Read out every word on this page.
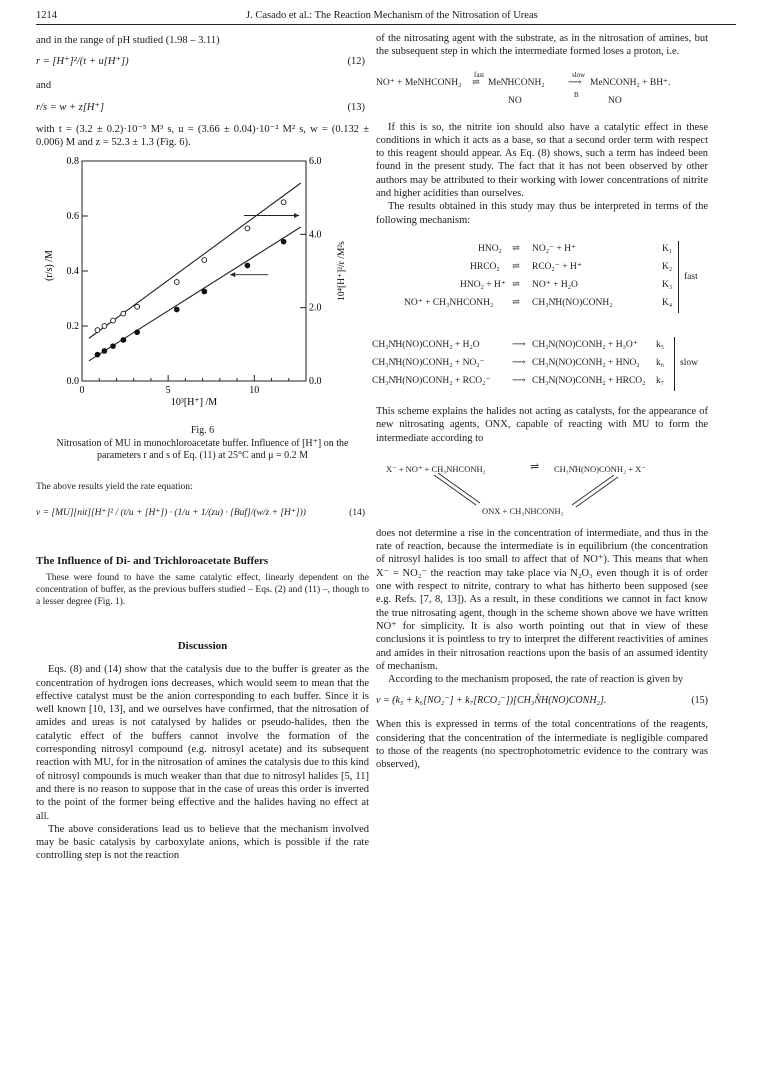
1214	J. Casado et al.: The Reaction Mechanism of the Nitrosation of Ureas

and in the range of pH studied (1.98 – 3.11)

r = [H⁺]²/(t + u[H⁺])	(12)

and

r/s = w + z[H⁺]	(13)

with t = (3.2 ± 0.2)·10⁻⁵ M³ s, u = (3.66 ± 0.04)·10⁻² M² s, w = (0.132 ± 0.006) M and z = 52.3 ± 1.3 (Fig. 6).

0	5	10
0.0
0.2
0.4
0.6
0.8
0.0
2.0
4.0
6.0
10³[H⁺] /M
(r/s) /M	10⁴[H⁺]²/r /M²s

Fig. 6

Nitrosation of MU in monochloroacetate buffer. Influence of [H⁺] on the parameters r and s of Eq. (11) at 25°C and μ = 0.2 M

The above results yield the rate equation:

v = [MU][nit][H⁺]² / (t/u + [H⁺]) · (1/u + 1/(zu) · [Buf]/(w/z + [H⁺]))	(14)
The Influence of Di- and Trichloroacetate Buffers

These were found to have the same catalytic effect, linearly dependent on the concentration of buffer, as the previous buffers studied – Eqs. (2) and (11) –, though to a lesser degree (Fig. 1).

Discussion

Eqs. (8) and (14) show that the catalysis due to the buffer is greater as the concentration of hydrogen ions decreases, which would seem to mean that the effective catalyst must be the anion corresponding to each buffer. Since it is well known [10, 13], and we ourselves have confirmed, that the nitrosation of amides and ureas is not catalysed by halides or pseudo-halides, then the catalytic effect of the buffers cannot involve the formation of the corresponding nitrosyl compound (e.g. nitrosyl acetate) and its subsequent reaction with MU, for in the nitrosation of amines the catalysis due to this kind of nitrosyl compounds is much weaker than that due to nitrosyl halides [5, 11] and there is no reason to suppose that in the case of ureas this order is inverted to the point of the former being effective and the halides having no effect at all.

The above considerations lead us to believe that the mechanism involved may be basic catalysis by carboxylate anions, which is possible if the rate controlling step is not the reaction

of the nitrosating agent with the substrate, as in the nitrosation of amines, but the subsequent step in which the intermediate formed loses a proton, i.e.

NO⁺ + MeNHCONH₂
fast
⇌ MeN̊HCONH₂
slow
⟶
B
MeNCONH₂ + BH⁺.
NO	NO

If this is so, the nitrite ion should also have a catalytic effect in these conditions in which it acts as a base, so that a second order term with respect to this reagent should appear. As Eq. (8) shows, such a term has indeed been found in the present study. The fact that it has not been observed by other authors may be attributed to their working with lower concentrations of nitrite and higher acidities than ourselves.

The results obtained in this study may thus be interpreted in terms of the following mechanism:

HNO₂ ⇌ NO₂⁻ + H⁺	K₁
HRCO₂ ⇌ RCO₂⁻ + H⁺	K₂
HNO₂ + H⁺ ⇌ NO⁺ + H₂O	K₃
NO⁺ + CH₃NHCONH₂ ⇌ CH₃N̊H(NO)CONH₂	K₄
fast
CH₃N̊H(NO)CONH₂ + H₂O	⟶ CH₃N(NO)CONH₂ + H₃O⁺ k₅
CH₃N̊H(NO)CONH₂ + NO₂⁻	⟶ CH₃N(NO)CONH₂ + HNO₂ k₆
CH₃N̊H(NO)CONH₂ + RCO₂⁻ ⟶ CH₃N(NO)CONH₂ + HRCO₂ k₇
slow

This scheme explains the halides not acting as catalysts, for the appearance of new nitrosating agents, ONX, capable of reacting with MU to form the intermediate according to

X⁻ + NO⁺ + CH₃NHCONH₂	⇌ CH₃N̊H(NO)CONH₂ + X⁻
ONX + CH₃NHCONH₂

does not determine a rise in the concentration of intermediate, and thus in the rate of reaction, because the intermediate is in equilibrium (the concentration of nitrosyl halides is too small to affect that of NO⁺). This means that when X⁻ = NO₂⁻ the reaction may take place via N₂O₃ even though it is of order one with respect to nitrite, contrary to what has hitherto been supposed (see e.g. Refs. [7, 8, 13]). As a result, in these conditions we cannot in fact know the true nitrosating agent, though in the scheme shown above we have written NO⁺ for simplicity. It is also worth pointing out that in view of these conclusions it is pointless to try to interpret the different reactivities of amines and amides in their nitrosation reactions upon the basis of an assumed identity of mechanism.

According to the mechanism proposed, the rate of reaction is given by

v = (k₅ + k₆[NO₂⁻] + k₇[RCO₂⁻])[CH₃N̊H(NO)CONH₂].	(15)

When this is expressed in terms of the total concentrations of the reagents, considering that the concentration of the intermediate is negligible compared to those of the reagents (no spectrophotometric evidence to the contrary was observed),
